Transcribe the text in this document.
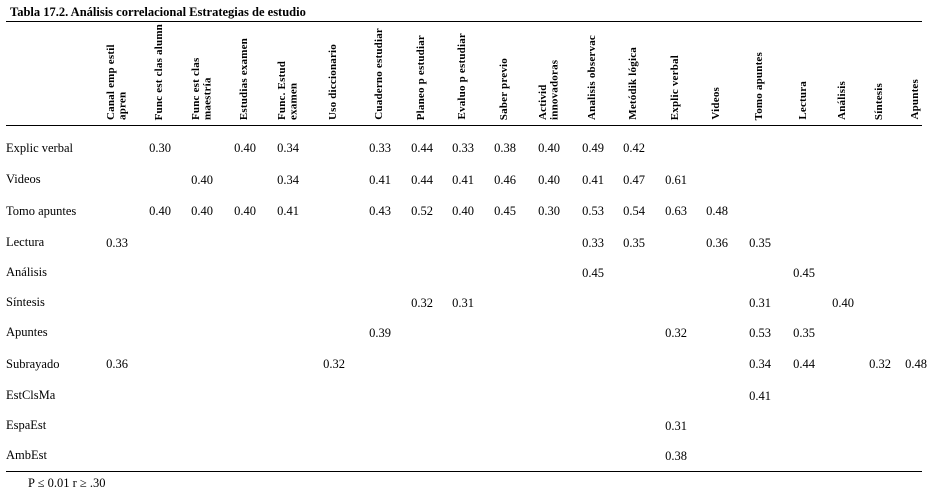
Tabla 17.2. Análisis correlacional Estrategias de estudio
	Canal emp estil apren	Func est clas alumn	Func est clas maestría	Estudias examen	Func. Estud examen	Uso diccionario	Cuaderno estudiar	Planeo p estudiar	Evaluo p estudiar	Saber previo	Activid innovadoras	Analisis observac	Metódik lógica	Explic verbal	Videos	Tomo apuntes	Lectura	Análisis	Síntesis	Apuntes

Explic verbal		0.30		0.40	0.34		0.33	0.44	0.33	0.38	0.40	0.49	0.42							
Videos			0.40		0.34		0.41	0.44	0.41	0.46	0.40	0.41	0.47	0.61						
Tomo apuntes		0.40	0.40	0.40	0.41		0.43	0.52	0.40	0.45	0.30	0.53	0.54	0.63	0.48					
Lectura	0.33											0.33	0.35		0.36	0.35				
Análisis												0.45					0.45			
Síntesis								0.32	0.31							0.31		0.40		
Apuntes							0.39							0.32		0.53	0.35			
Subrayado	0.36					0.32										0.34	0.44		0.32	0.48
EstClsMa																0.41				
EspaEst														0.31						
AmbEst														0.38						
P ≤ 0.01 r ≥ .30
